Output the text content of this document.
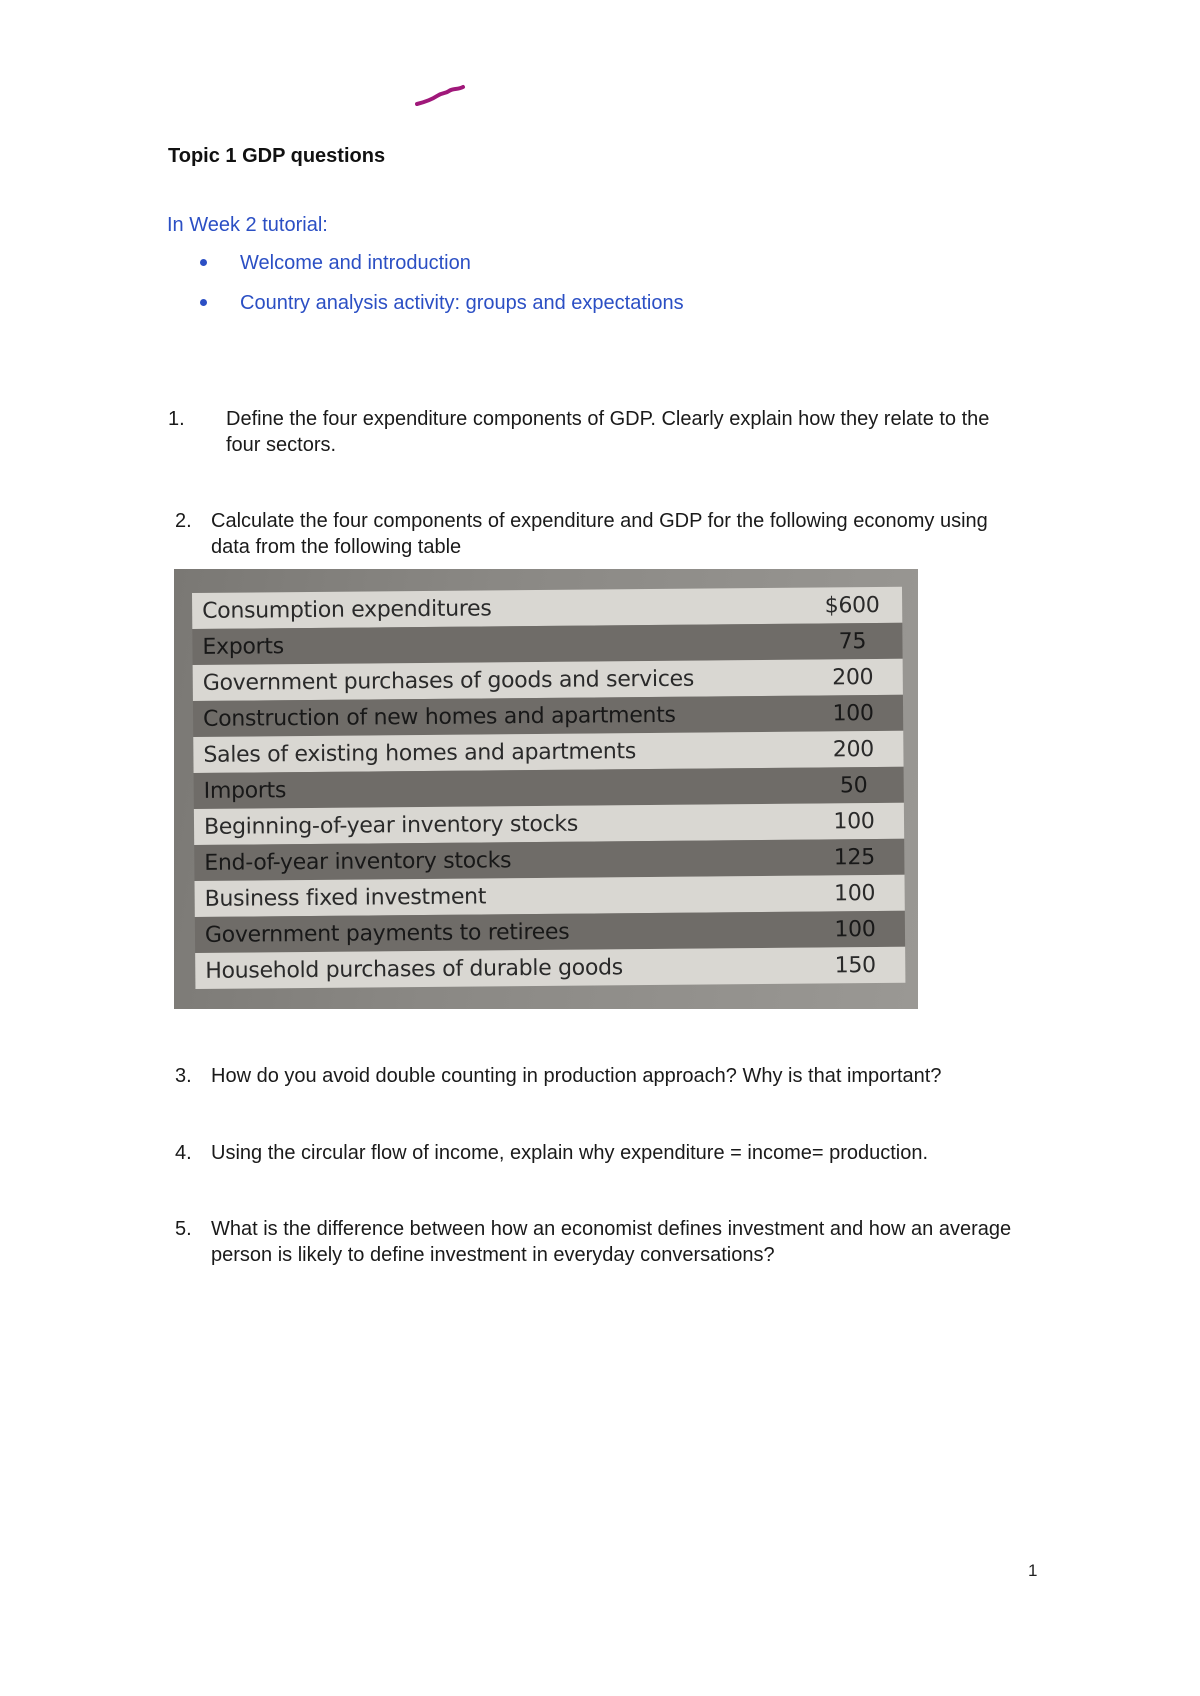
Topic 1 GDP questions
In Week 2 tutorial:
Welcome and introduction
Country analysis activity: groups and expectations
1. Define the four expenditure components of GDP. Clearly explain how they relate to the four sectors.
2. Calculate the four components of expenditure and GDP for the following economy using data from the following table
Consumption expenditures	$600
Exports	75
Government purchases of goods and services	200
Construction of new homes and apartments	100
Sales of existing homes and apartments	200
Imports	50
Beginning-of-year inventory stocks	100
End-of-year inventory stocks	125
Business fixed investment	100
Government payments to retirees	100
Household purchases of durable goods	150
3. How do you avoid double counting in production approach? Why is that important?
4. Using the circular flow of income, explain why expenditure = income= production.
5. What is the difference between how an economist defines investment and how an average person is likely to define investment in everyday conversations?
1
